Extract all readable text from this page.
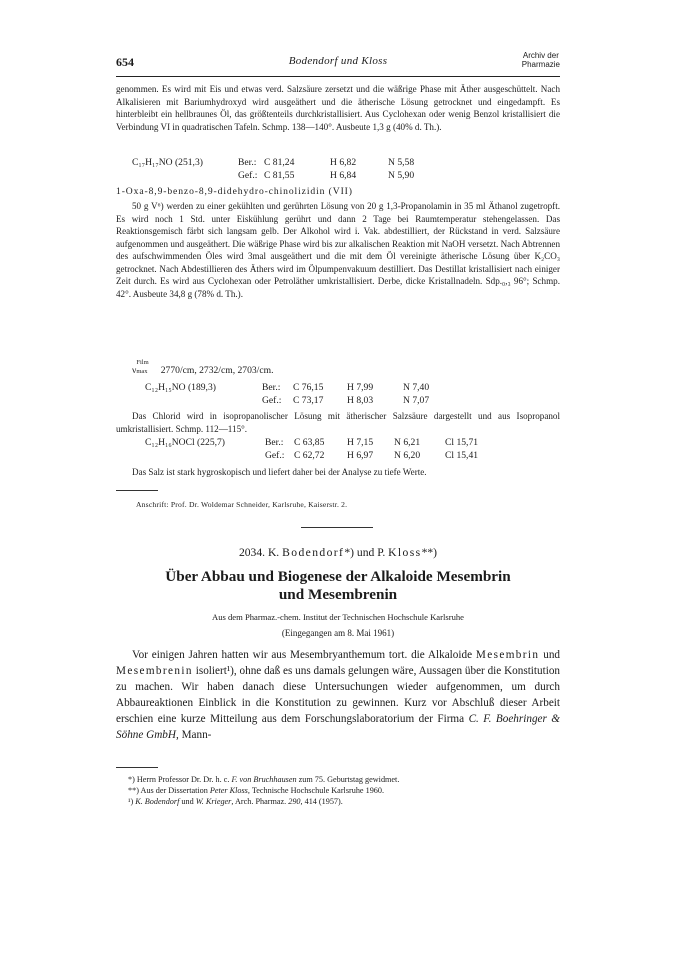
654	Bodendorf und Kloss	Archiv der
Pharmazie

genommen. Es wird mit Eis und etwas verd. Salzsäure zersetzt und die wäßrige Phase mit Äther ausgeschüttelt. Nach Alkalisieren mit Bariumhydroxyd wird ausgeäthert und die ätherische Lösung getrocknet und eingedampft. Es hinterbleibt ein hellbraunes Öl, das größtenteils durchkristallisiert. Aus Cyclohexan oder wenig Benzol kristallisiert die Verbindung VI in quadratischen Tafeln. Schmp. 138—140°. Ausbeute 1,3 g (40% d. Th.).

C₁₇H₁₇NO (251,3)	Ber.: C 81,24	H 6,82	N 5,58
Gef.: C 81,55	H 6,84	N 5,90
1-Oxa-8,9-benzo-8,9-didehydro-chinolizidin (VII)

50 g V⁶) werden zu einer gekühlten und gerührten Lösung von 20 g 1,3-Propanolamin in 35 ml Äthanol zugetropft. Es wird noch 1 Std. unter Eiskühlung gerührt und dann 2 Tage bei Raumtemperatur stehengelassen. Das Reaktionsgemisch färbt sich langsam gelb. Der Alkohol wird i. Vak. abdestilliert, der Rückstand in verd. Salzsäure aufgenommen und ausgeäthert. Die wäßrige Phase wird bis zur alkalischen Reaktion mit NaOH versetzt. Nach Abtrennen des aufschwimmenden Öles wird 3mal ausgeäthert und die mit dem Öl vereinigte ätherische Lösung über K₂CO₃ getrocknet. Nach Abdestillieren des Äthers wird im Ölpumpenvakuum destilliert. Das Destillat kristallisiert nach einiger Zeit durch. Es wird aus Cyclohexan oder Petroläther umkristallisiert. Derbe, dicke Kristallnadeln. Sdp.₀,₃ 96°; Schmp. 42°. Ausbeute 34,8 g (78% d. Th.).

ν
Film
max 2770/cm, 2732/cm, 2703/cm.
C₁₂H₁₅NO (189,3)	Ber.: C 76,15 H 7,99	N 7,40
Gef.: C 73,17 H 8,03	N 7,07

Das Chlorid wird in isopropanolischer Lösung mit ätherischer Salzsäure dargestellt und aus Isopropanol umkristallisiert. Schmp. 112—115°.

C₁₂H₁₆NOCl (225,7)	Ber.: C 63,85 H 7,15 N 6,21	Cl 15,71
Gef.: C 62,72 H 6,97 N 6,20	Cl 15,41
Das Salz ist stark hygroskopisch und liefert daher bei der Analyse zu tiefe Werte.
Anschrift: Prof. Dr. Woldemar Schneider, Karlsruhe, Kaiserstr. 2.
2034. K. Bodendorf*) und P. Kloss**)
Über Abbau und Biogenese der Alkaloide Mesembrin
und Mesembrenin
Aus dem Pharmaz.-chem. Institut der Technischen Hochschule Karlsruhe
(Eingegangen am 8. Mai 1961)

Vor einigen Jahren hatten wir aus Mesembryanthemum tort. die Alkaloide Mesembrin und Mesembrenin isoliert¹), ohne daß es uns damals gelungen wäre, Aussagen über die Konstitution zu machen. Wir haben danach diese Untersuchungen wieder aufgenommen, um durch Abbaureaktionen Einblick in die Konstitution zu gewinnen. Kurz vor Abschluß dieser Arbeit erschien eine kurze Mitteilung aus dem Forschungslaboratorium der Firma C. F. Boehringer & Söhne GmbH, Mann-

*) Herrn Professor Dr. Dr. h. c. F. von Bruchhausen zum 75. Geburtstag gewidmet.
**) Aus der Dissertation Peter Kloss, Technische Hochschule Karlsruhe 1960.
¹) K. Bodendorf und W. Krieger, Arch. Pharmaz. 290, 414 (1957).
